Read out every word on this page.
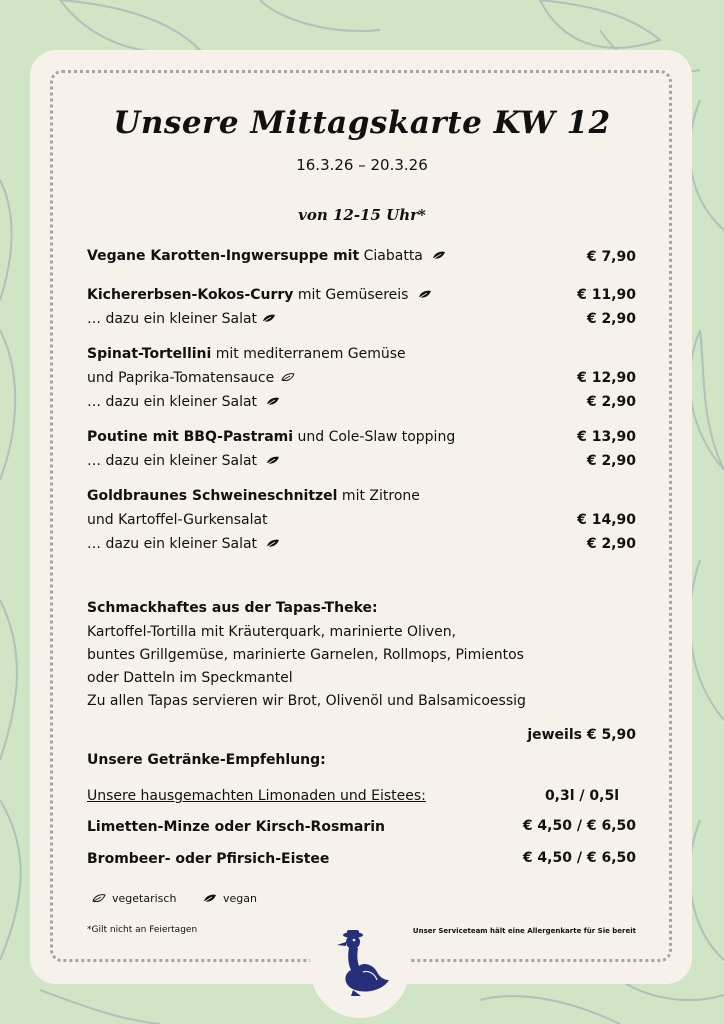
Unsere Mittagskarte KW 12
16.3.26 – 20.3.26
von 12-15 Uhr*
Vegane Karotten-Ingwersuppe mit Ciabatta	€ 7,90
Kichererbsen-Kokos-Curry mit Gemüsereis	€ 11,90
… dazu ein kleiner Salat	€ 2,90
Spinat-Tortellini mit mediterranem Gemüse
und Paprika-Tomatensauce	€ 12,90
… dazu ein kleiner Salat	€ 2,90
Poutine mit BBQ-Pastrami und Cole-Slaw topping	€ 13,90
… dazu ein kleiner Salat	€ 2,90
Goldbraunes Schweineschnitzel mit Zitrone
und Kartoffel-Gurkensalat	€ 14,90
… dazu ein kleiner Salat	€ 2,90
Schmackhaftes aus der Tapas-Theke:
Kartoffel-Tortilla mit Kräuterquark, marinierte Oliven,
buntes Grillgemüse, marinierte Garnelen, Rollmops, Pimientos
oder Datteln im Speckmantel
Zu allen Tapas servieren wir Brot, Olivenöl und Balsamicoessig
jeweils € 5,90
Unsere Getränke-Empfehlung:
Unsere hausgemachten Limonaden und Eistees:	0,3l / 0,5l
Limetten-Minze oder Kirsch-Rosmarin	€ 4,50 / € 6,50
Brombeer- oder Pfirsich-Eistee	€ 4,50 / € 6,50
vegetarisch	vegan
*Gilt nicht an Feiertagen	Unser Serviceteam hält eine Allergenkarte für Sie bereit
